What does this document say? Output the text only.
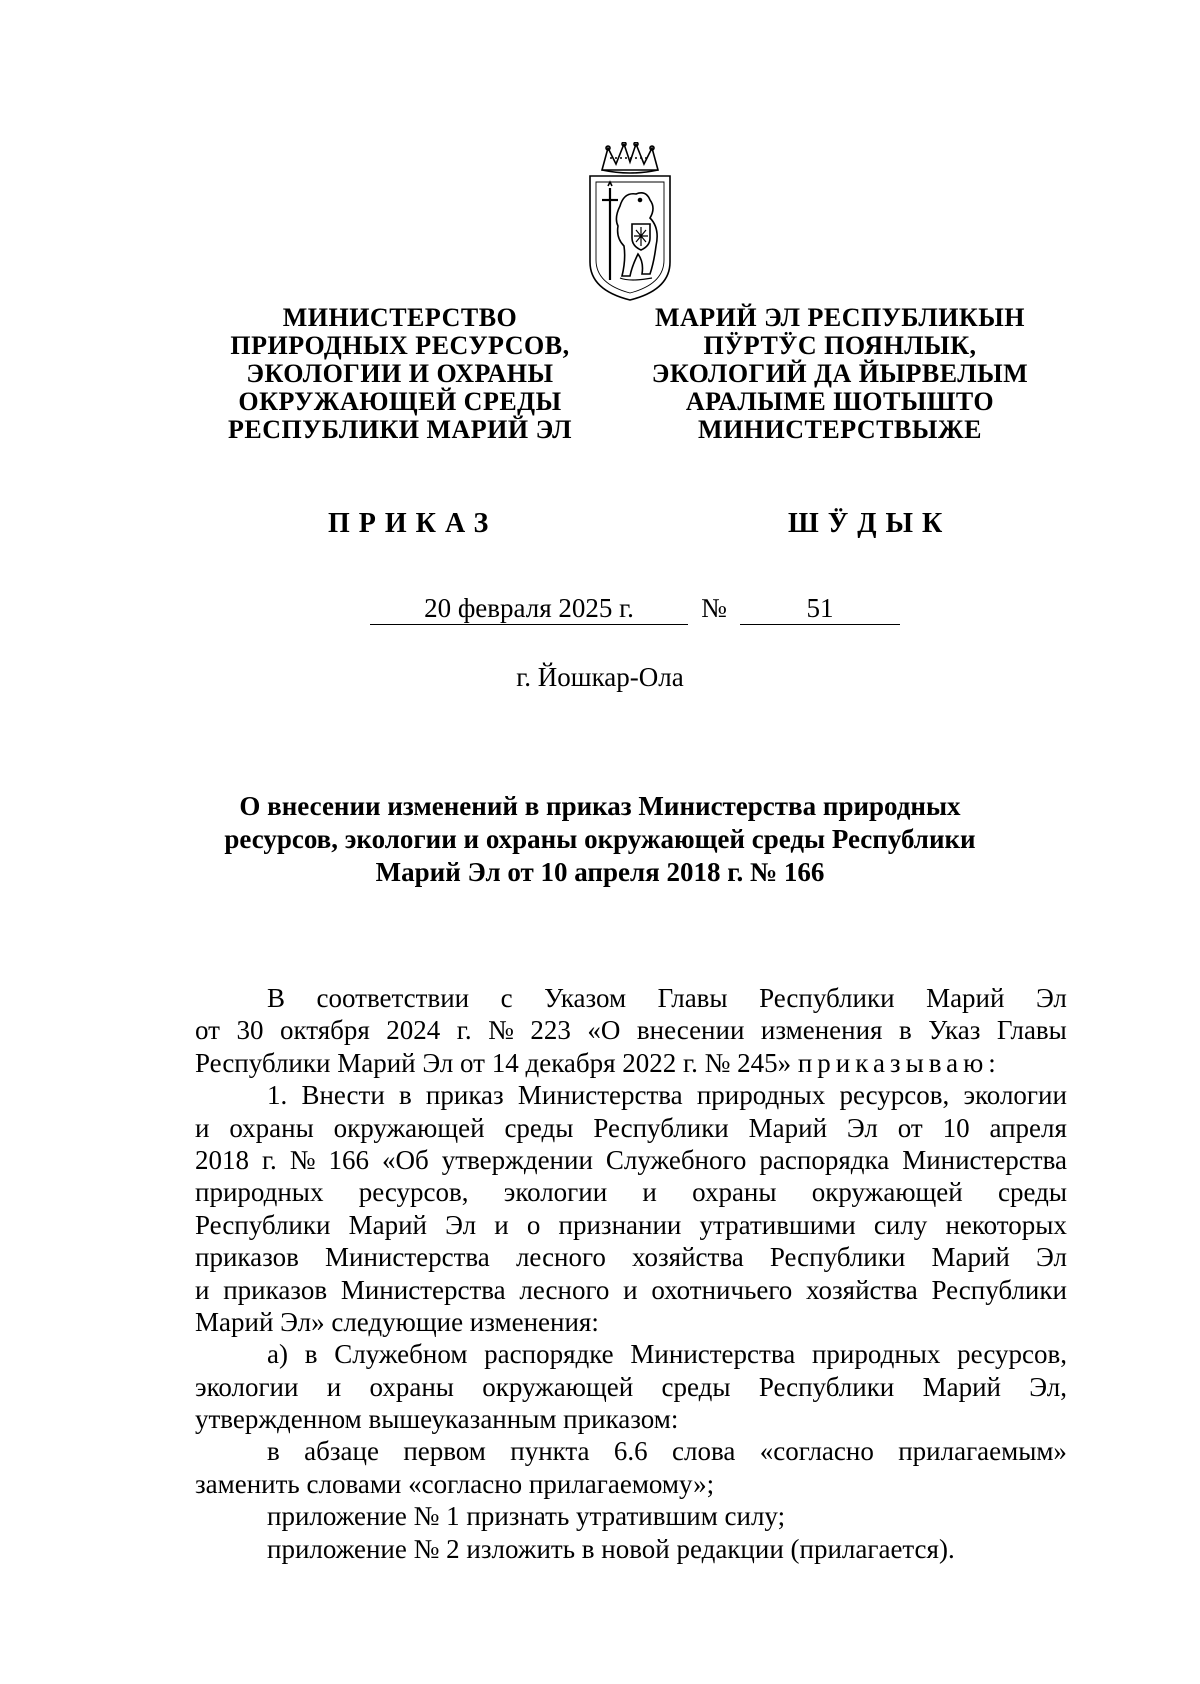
МИНИСТЕРСТВО
ПРИРОДНЫХ РЕСУРСОВ,
ЭКОЛОГИИ И ОХРАНЫ
ОКРУЖАЮЩЕЙ СРЕДЫ
РЕСПУБЛИКИ МАРИЙ ЭЛ
МАРИЙ ЭЛ РЕСПУБЛИКЫН
ПӰРТӰС ПОЯНЛЫК,
ЭКОЛОГИЙ ДА ЙЫРВЕЛЫМ
АРАЛЫМЕ ШОТЫШТО
МИНИСТЕРСТВЫЖЕ
ПРИКАЗ	ШӰДЫК
20 февраля 2025 г. №	51
г. Йошкар-Ола
О внесении изменений в приказ Министерства природных
ресурсов, экологии и охраны окружающей среды Республики
Марий Эл от 10 апреля 2018 г. № 166
В соответствии с Указом Главы Республики Марий Эл
от 30 октября 2024 г. № 223 «О внесении изменения в Указ Главы
Республики Марий Эл от 14 декабря 2022 г. № 245» приказываю:
1. Внести в приказ Министерства природных ресурсов, экологии
и охраны окружающей среды Республики Марий Эл от 10 апреля
2018 г. № 166 «Об утверждении Служебного распорядка Министерства
природных ресурсов, экологии и охраны окружающей среды
Республики Марий Эл и о признании утратившими силу некоторых
приказов Министерства лесного хозяйства Республики Марий Эл
и приказов Министерства лесного и охотничьего хозяйства Республики
Марий Эл» следующие изменения:
а) в Служебном распорядке Министерства природных ресурсов,
экологии и охраны окружающей среды Республики Марий Эл,
утвержденном вышеуказанным приказом:
в абзаце первом пункта 6.6 слова «согласно прилагаемым»
заменить словами «согласно прилагаемому»;
приложение № 1 признать утратившим силу;
приложение № 2 изложить в новой редакции (прилагается).
